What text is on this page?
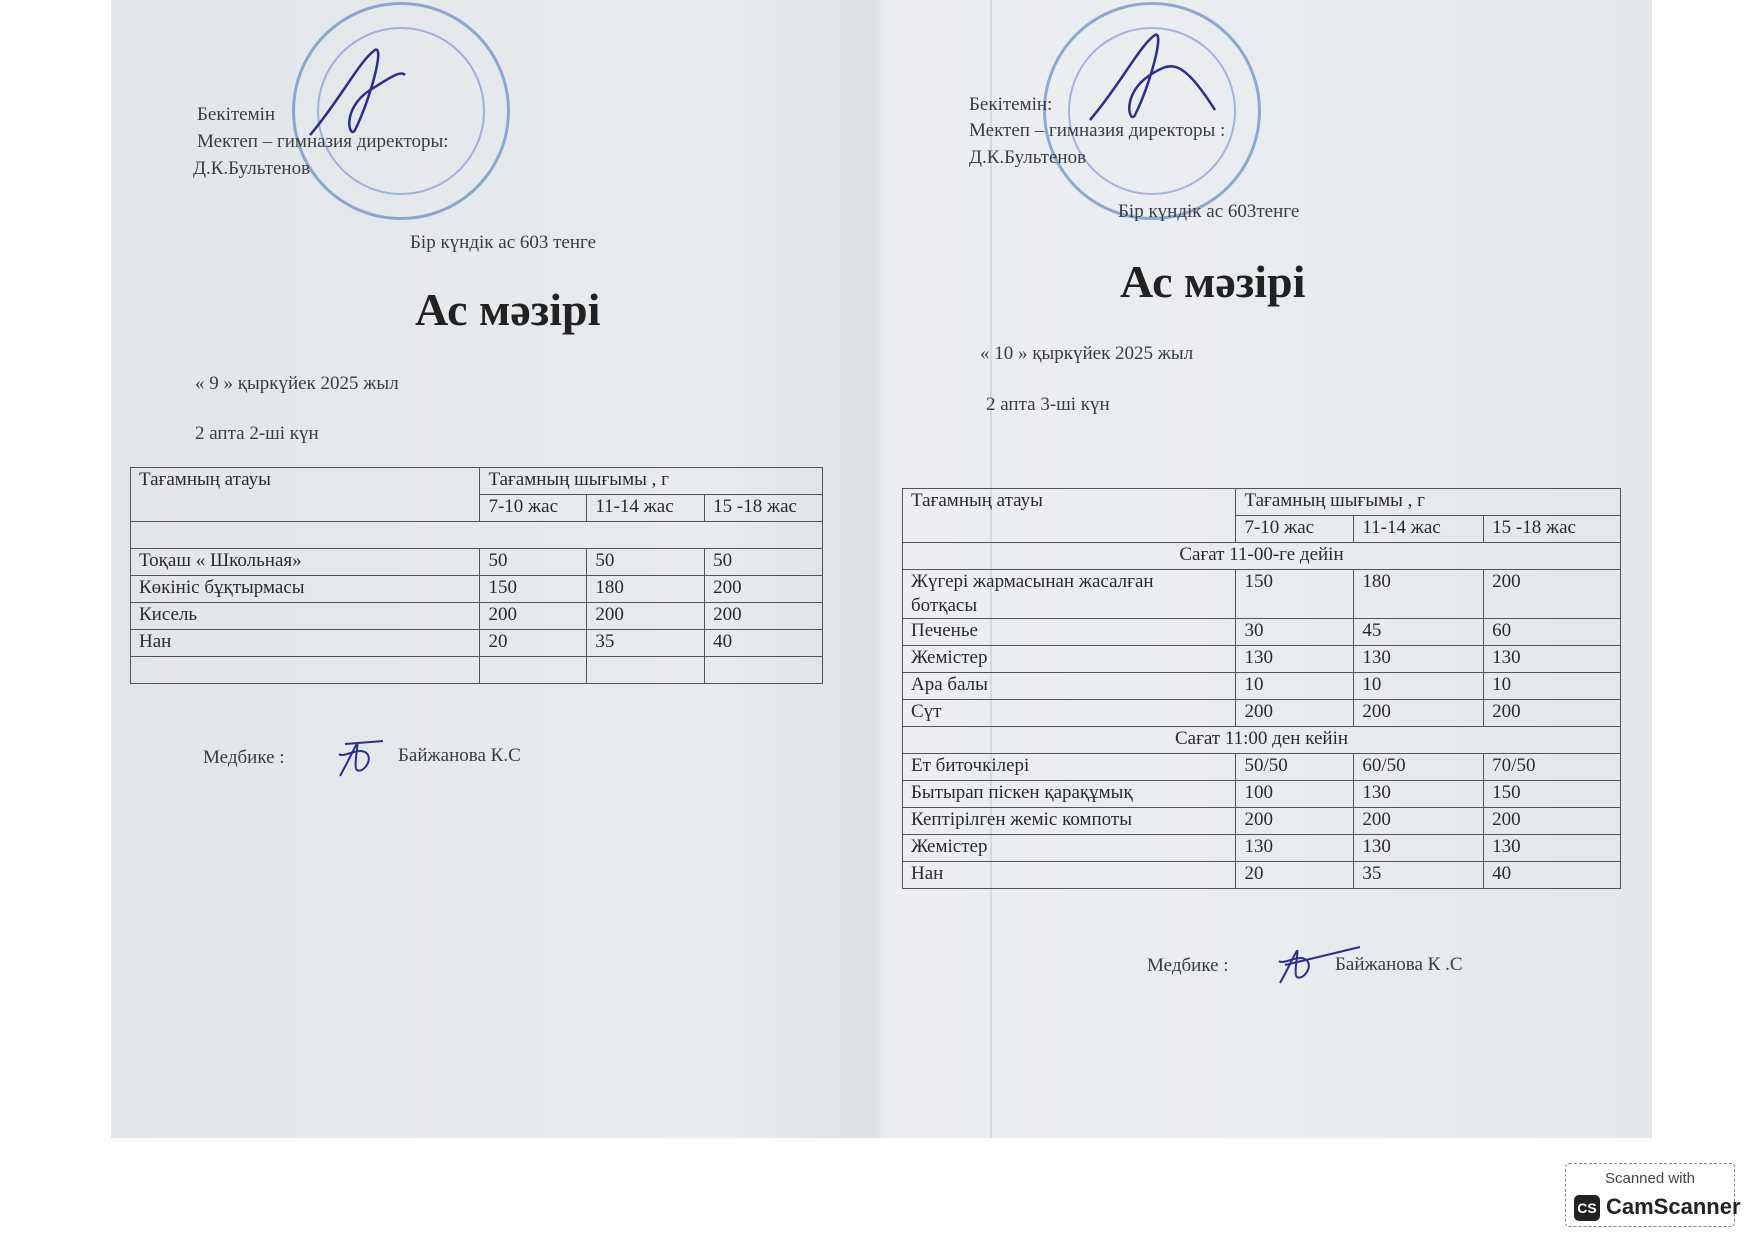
Бекітемін
Мектеп – гимназия директоры:
Д.К.Бультенов
Бір күндік ас 603 тенге
Ас мәзірі
« 9 » қыркүйек 2025 жыл
2 апта 2-ші күн
Тағамның атауы	Тағамның шығымы , г		
	7-10 жас	11-14 жас	15 -18 жас

Тоқаш « Школьная»	50	50	50
Көкініс бұқтырмасы	150	180	200
Кисель	200	200	200
Нан	20	35	40

Медбике :	Байжанова К.С
Бекітемін:
Мектеп – гимназия директоры :
Д.К.Бультенов
Бір күндік ас 603тенге
Ас мәзірі
« 10 » қыркүйек 2025 жыл
2 апта 3-ші күн
Тағамның атауы	Тағамның шығымы , г		
	7-10 жас	11-14 жас	15 -18 жас
Сағат 11-00-ге дейін			
Жүгері жармасынан жасалған
ботқасы	150	180	200
Печенье	30	45	60
Жемістер	130	130	130
Ара балы	10	10	10
Сүт	200	200	200
Сағат 11:00 ден кейін			
Ет биточкілері	50/50	60/50	70/50
Бытырап піскен қарақұмық	100	130	150
Кептірілген жеміс компоты	200	200	200
Жемістер	130	130	130
Нан	20	35	40
Медбике :	Байжанова К .С
Scanned with
CS CamScanner
